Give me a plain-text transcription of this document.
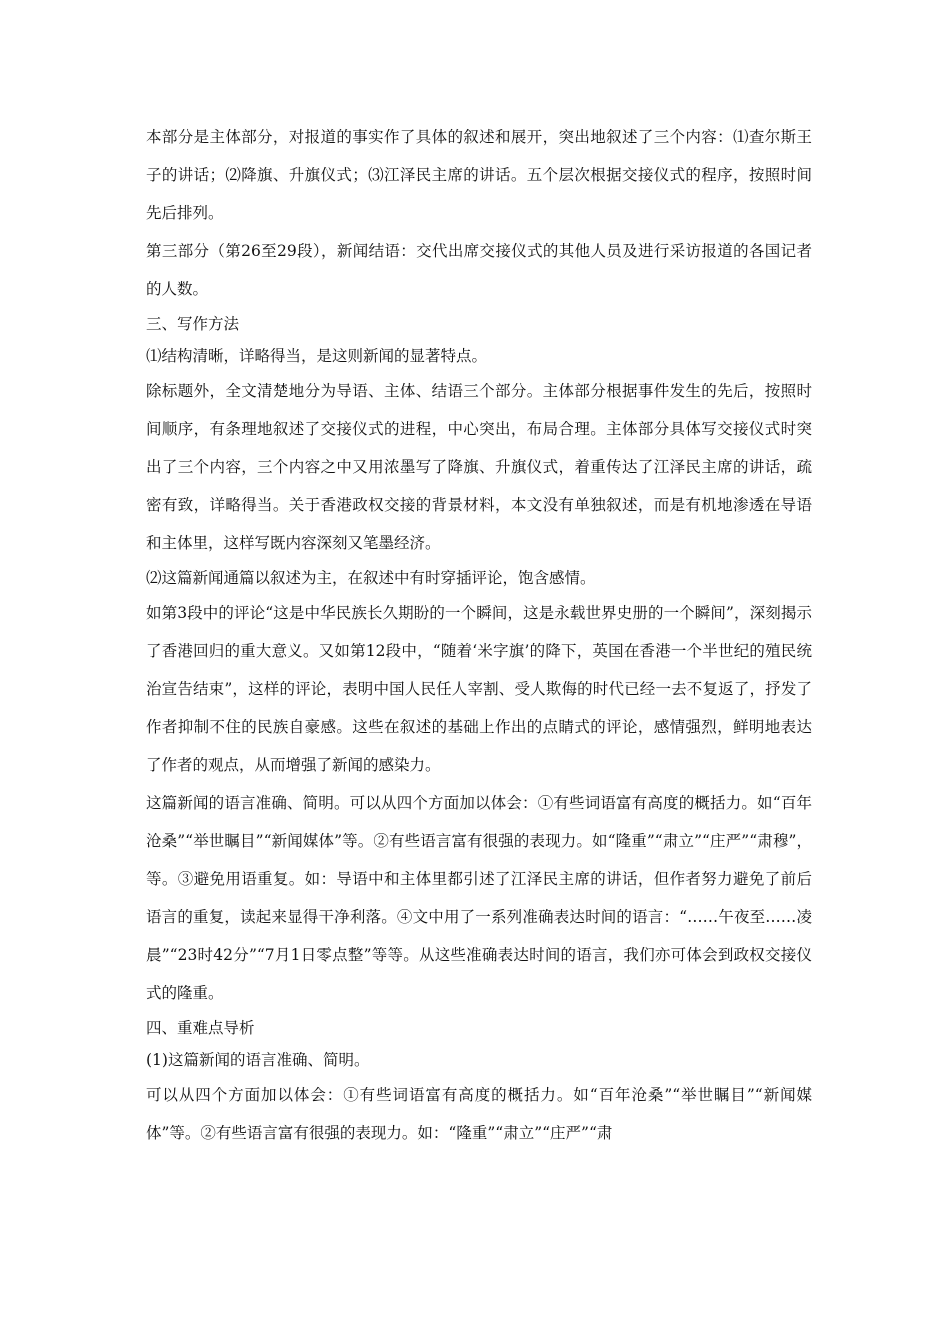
本部分是主体部分，对报道的事实作了具体的叙述和展开，突出地叙述了三个内容：⑴查尔斯王子的讲话；⑵降旗、升旗仪式；⑶江泽民主席的讲话。五个层次根据交接仪式的程序，按照时间先后排列。

第三部分（第26至29段），新闻结语：交代出席交接仪式的其他人员及进行采访报道的各国记者的人数。

三、写作方法

⑴结构清晰，详略得当，是这则新闻的显著特点。

除标题外，全文清楚地分为导语、主体、结语三个部分。主体部分根据事件发生的先后，按照时间顺序，有条理地叙述了交接仪式的进程，中心突出，布局合理。主体部分具体写交接仪式时突出了三个内容，三个内容之中又用浓墨写了降旗、升旗仪式，着重传达了江泽民主席的讲话，疏密有致，详略得当。关于香港政权交接的背景材料，本文没有单独叙述，而是有机地渗透在导语和主体里，这样写既内容深刻又笔墨经济。

⑵这篇新闻通篇以叙述为主，在叙述中有时穿插评论，饱含感情。

如第3段中的评论“这是中华民族长久期盼的一个瞬间，这是永载世界史册的一个瞬间”，深刻揭示了香港回归的重大意义。又如第12段中，“随着‘米字旗’的降下，英国在香港一个半世纪的殖民统治宣告结束”，这样的评论，表明中国人民任人宰割、受人欺侮的时代已经一去不复返了，抒发了作者抑制不住的民族自豪感。这些在叙述的基础上作出的点睛式的评论，感情强烈，鲜明地表达了作者的观点，从而增强了新闻的感染力。

这篇新闻的语言准确、简明。可以从四个方面加以体会：①有些词语富有高度的概括力。如“百年沧桑”“举世瞩目”“新闻媒体”等。②有些语言富有很强的表现力。如“隆重”“肃立”“庄严”“肃穆”，等。③避免用语重复。如：导语中和主体里都引述了江泽民主席的讲话，但作者努力避免了前后语言的重复，读起来显得干净利落。④文中用了一系列准确表达时间的语言：“……午夜至……凌晨”“23时42分”“7月1日零点整”等等。从这些准确表达时间的语言，我们亦可体会到政权交接仪式的隆重。

四、重难点导析

(1)这篇新闻的语言准确、简明。

可以从四个方面加以体会：①有些词语富有高度的概括力。如“百年沧桑”“举世瞩目”“新闻媒体”等。②有些语言富有很强的表现力。如：“隆重”“肃立”“庄严”“肃
